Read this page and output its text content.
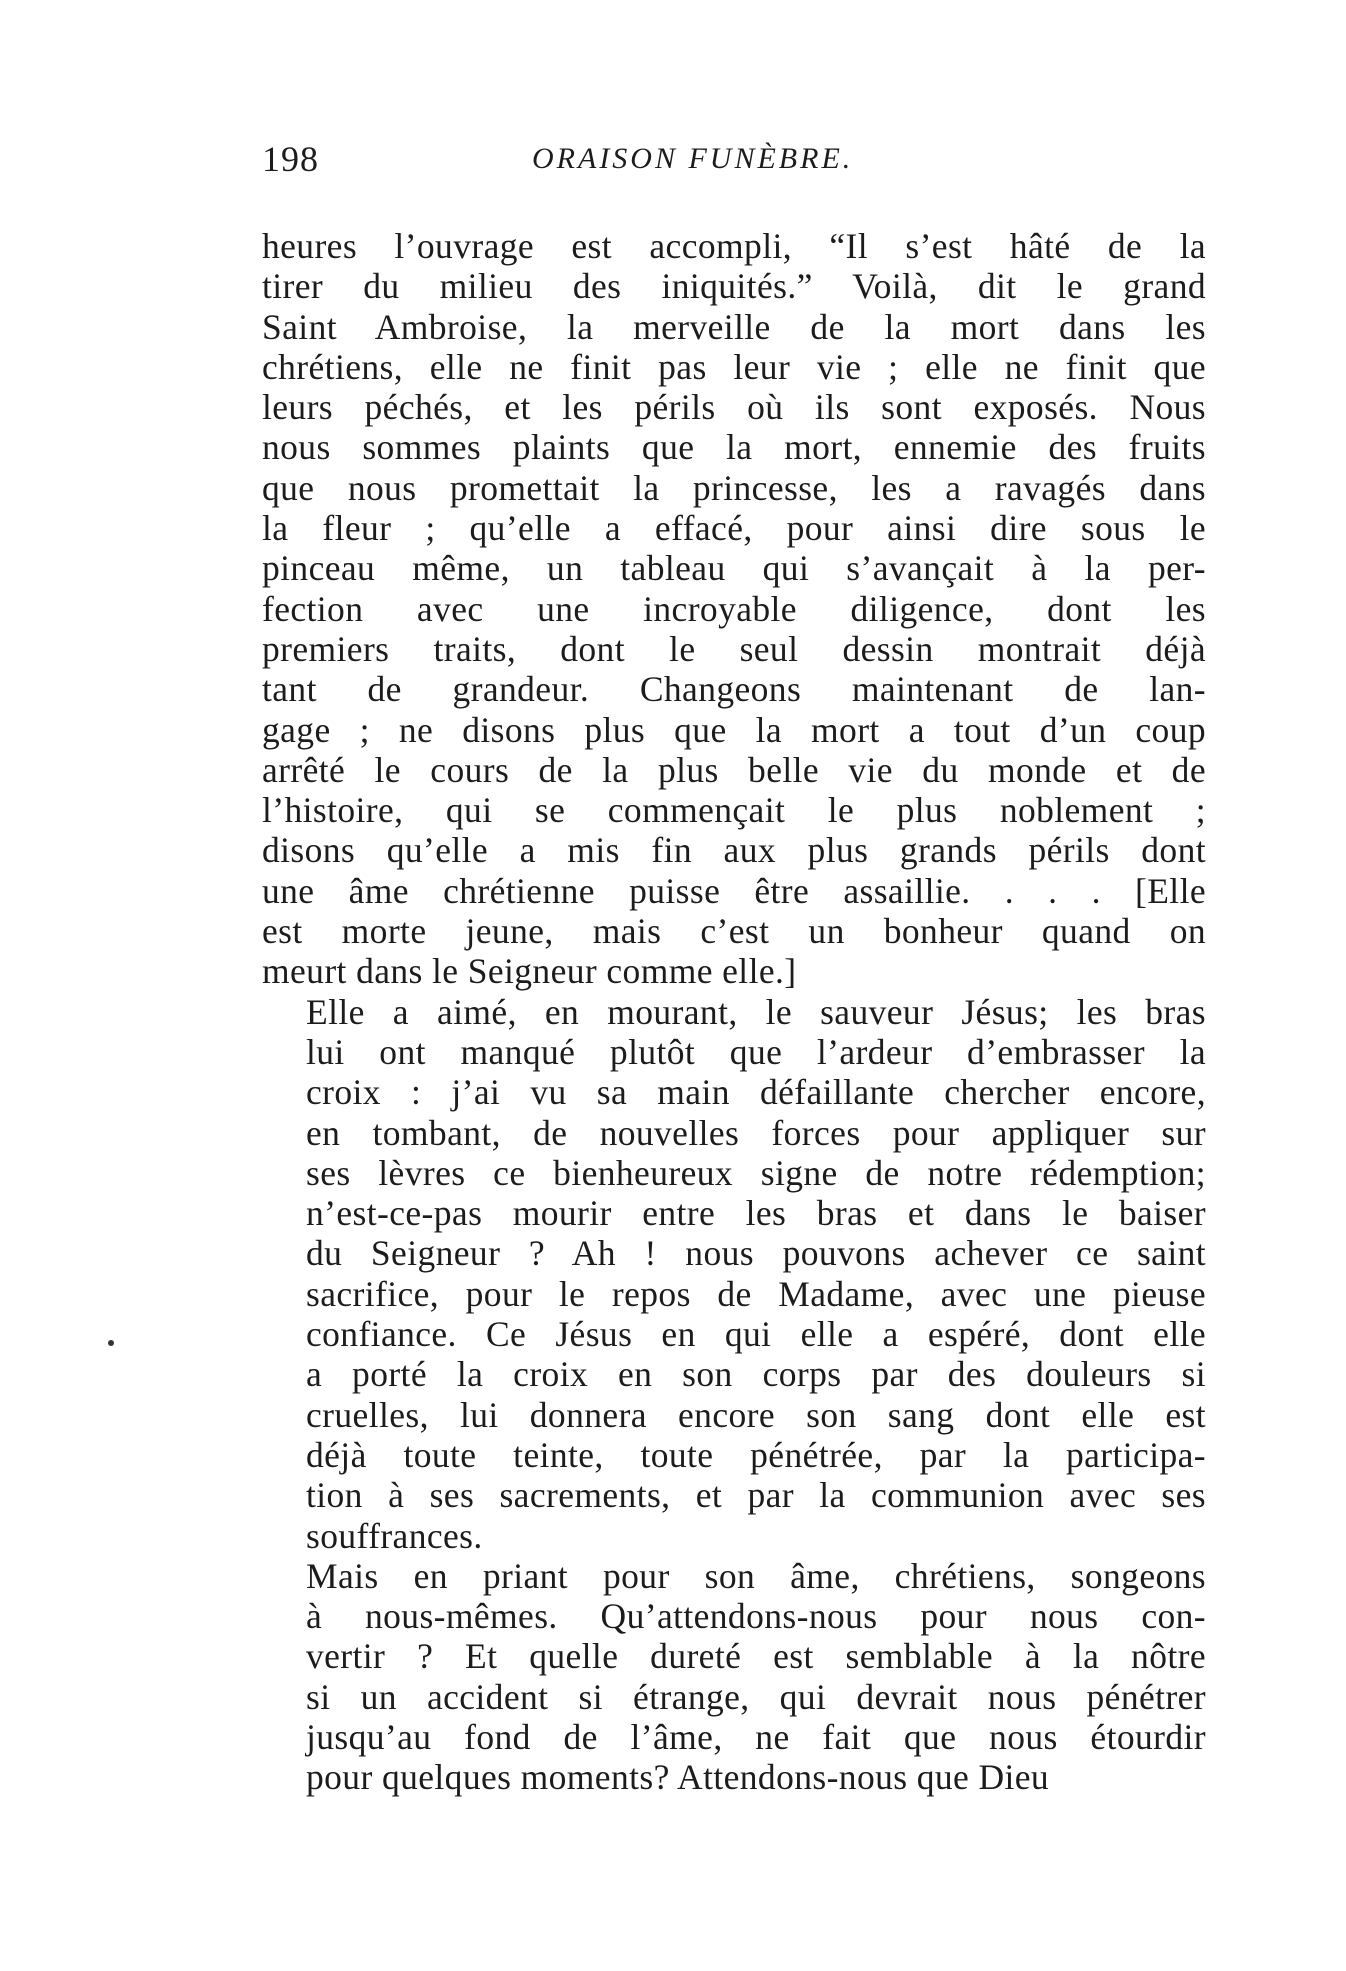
198	ORAISON FUNÈBRE.

heures l’ouvrage est accompli, “Il s’est hâté de la
tirer du milieu des iniquités.” Voilà, dit le grand
Saint Ambroise, la merveille de la mort dans les
chrétiens, elle ne finit pas leur vie ; elle ne finit que
leurs péchés, et les périls où ils sont exposés. Nous
nous sommes plaints que la mort, ennemie des fruits
que nous promettait la princesse, les a ravagés dans
la fleur ; qu’elle a effacé, pour ainsi dire sous le
pinceau même, un tableau qui s’avançait à la per-
fection avec une incroyable diligence, dont les
premiers traits, dont le seul dessin montrait déjà
tant de grandeur. Changeons maintenant de lan-
gage ; ne disons plus que la mort a tout d’un coup
arrêté le cours de la plus belle vie du monde et de
l’histoire, qui se commençait le plus noblement ;
disons qu’elle a mis fin aux plus grands périls dont
une âme chrétienne puisse être assaillie. . . . [Elle
est morte jeune, mais c’est un bonheur quand on
meurt dans le Seigneur comme elle.]

Elle a aimé, en mourant, le sauveur Jésus; les bras
lui ont manqué plutôt que l’ardeur d’embrasser la
croix : j’ai vu sa main défaillante chercher encore,
en tombant, de nouvelles forces pour appliquer sur
ses lèvres ce bienheureux signe de notre rédemption;
n’est-ce-pas mourir entre les bras et dans le baiser
du Seigneur ? Ah ! nous pouvons achever ce saint
sacrifice, pour le repos de Madame, avec une pieuse
confiance. Ce Jésus en qui elle a espéré, dont elle
a porté la croix en son corps par des douleurs si
cruelles, lui donnera encore son sang dont elle est
déjà toute teinte, toute pénétrée, par la participa-
tion à ses sacrements, et par la communion avec ses
souffrances.

Mais en priant pour son âme, chrétiens, songeons
à nous-mêmes. Qu’attendons-nous pour nous con-
vertir ? Et quelle dureté est semblable à la nôtre
si un accident si étrange, qui devrait nous pénétrer
jusqu’au fond de l’âme, ne fait que nous étourdir
pour quelques moments? Attendons-nous que Dieu
